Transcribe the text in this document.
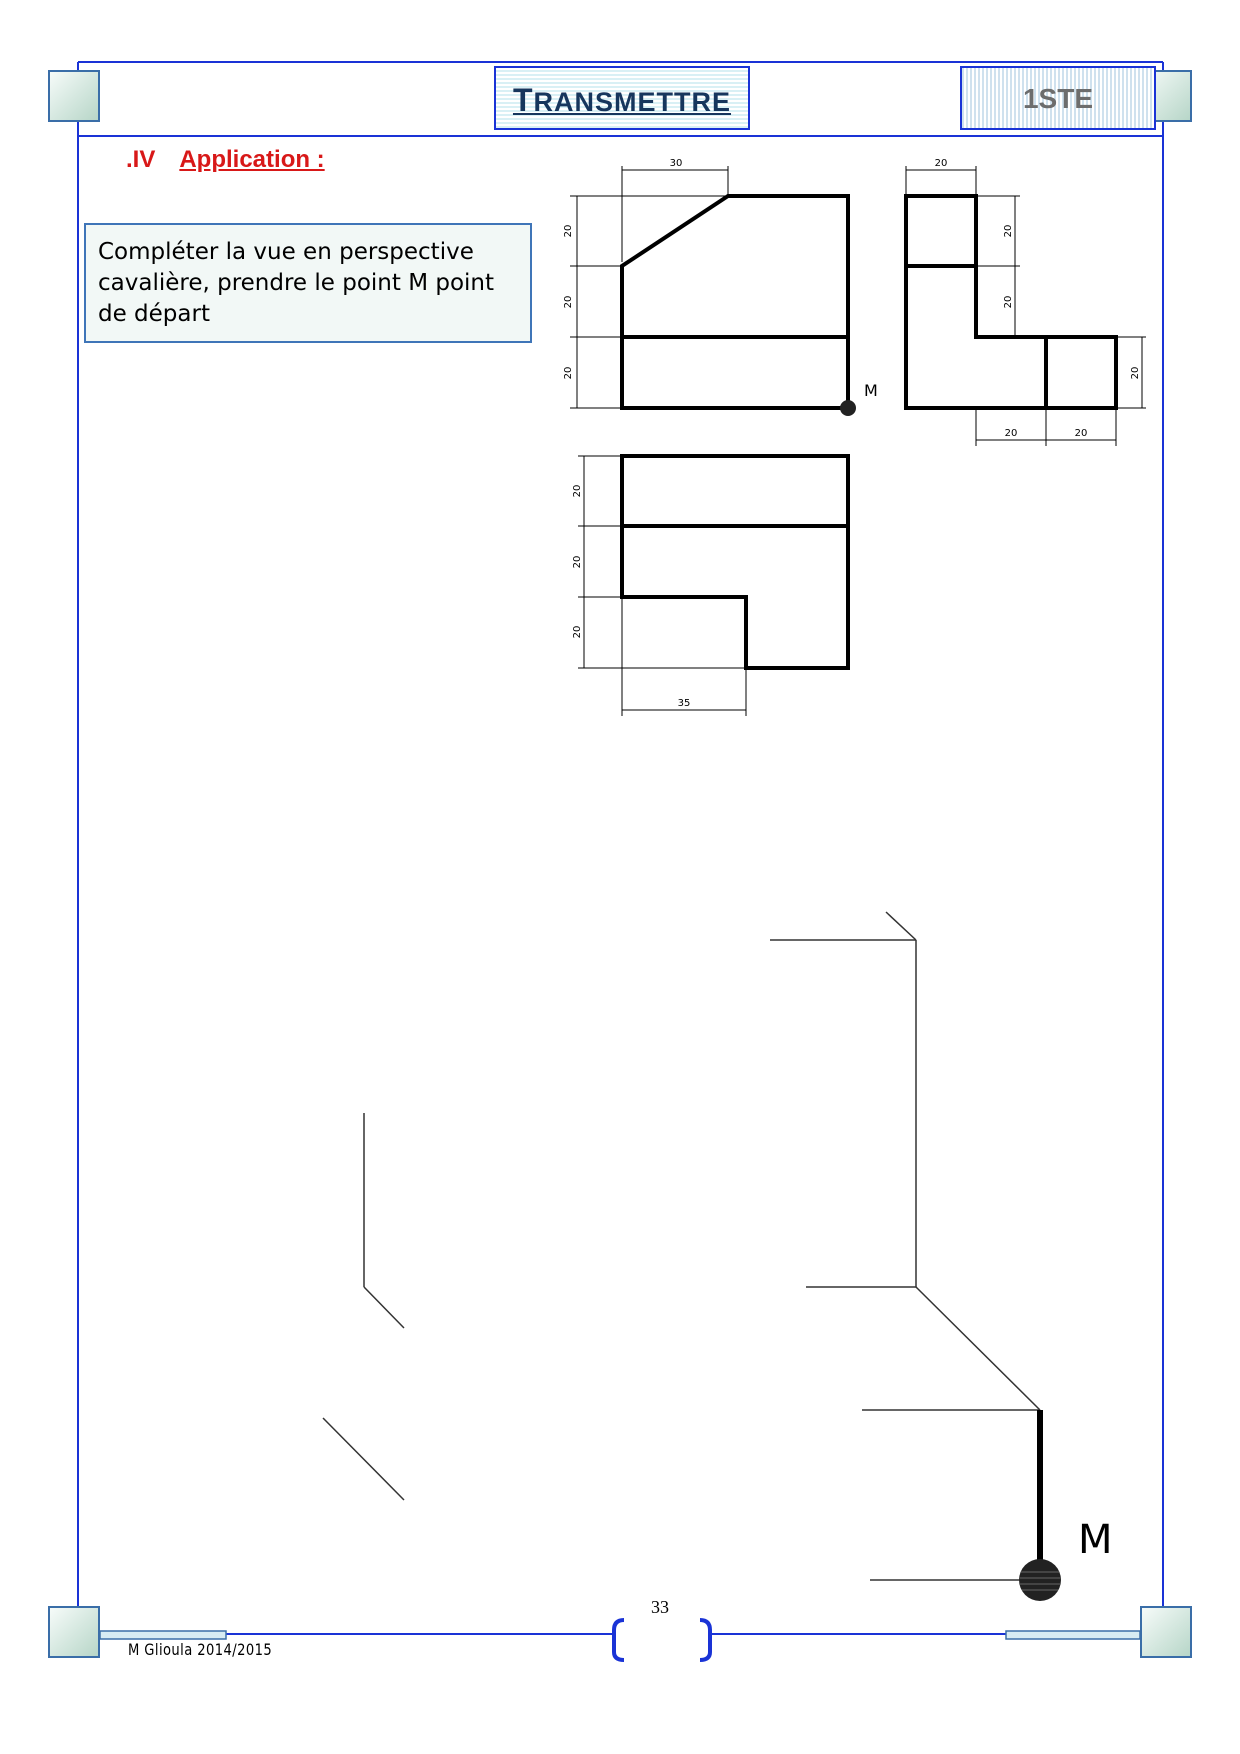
TRANSMETTRE	1STE
.IV Application :
Compléter la vue en perspective cavalière, prendre le point M point de départ
30
20
20
20
20
20
20
20
20	20
20
20
20
35
M
M
M Glioula 2014/2015
33
